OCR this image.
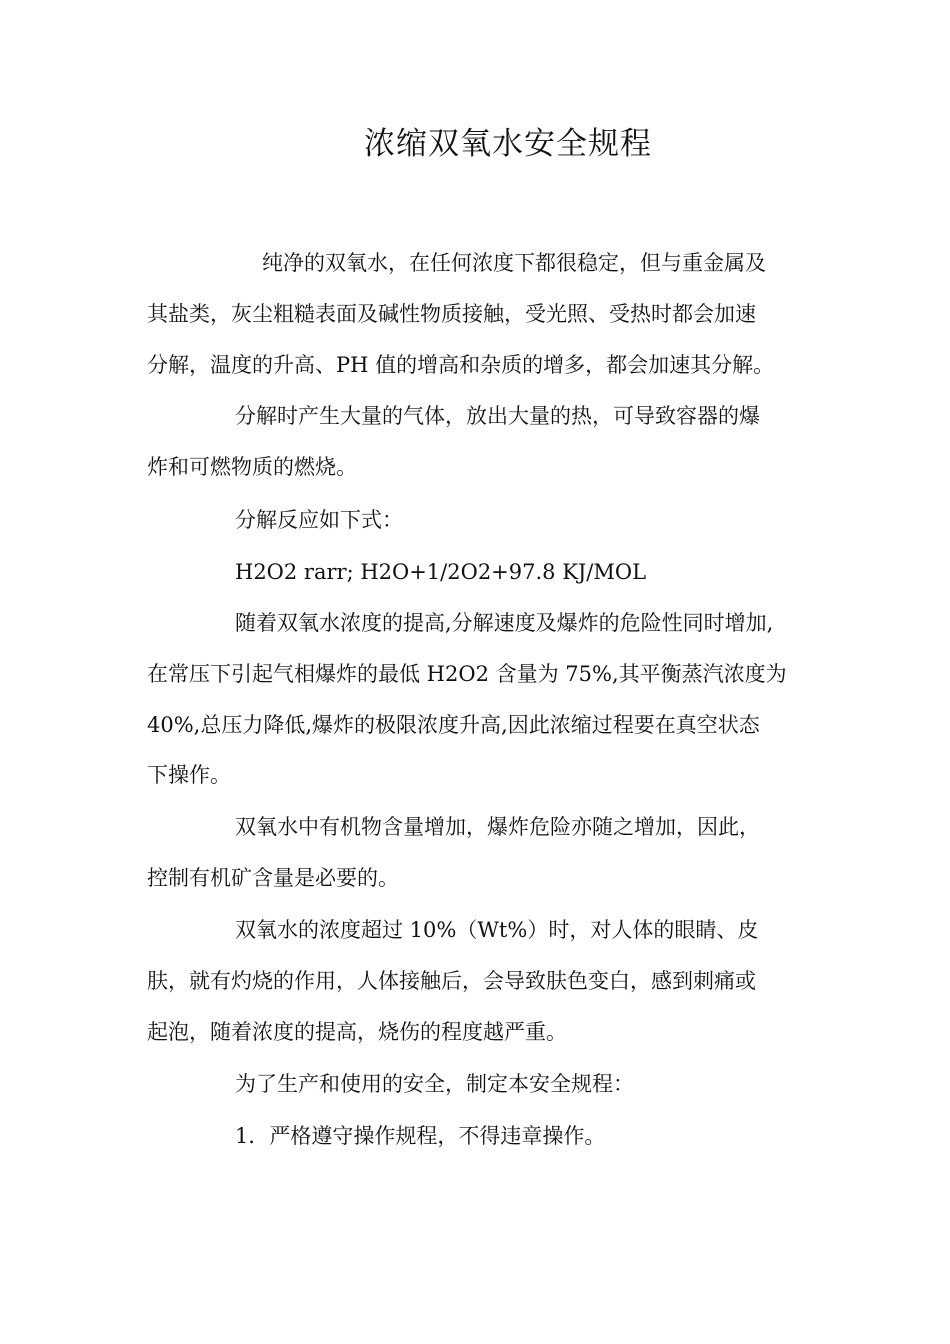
浓缩双氧水安全规程

纯净的双氧水，在任何浓度下都很稳定，但与重金属及

其盐类，灰尘粗糙表面及碱性物质接触，受光照、受热时都会加速

分解，温度的升高、PH 值的增高和杂质的增多，都会加速其分解。

分解时产生大量的气体，放出大量的热，可导致容器的爆

炸和可燃物质的燃烧。

分解反应如下式：

H2O2 rarr; H2O+1/2O2+97.8 KJ/MOL

随着双氧水浓度的提高,分解速度及爆炸的危险性同时增加,

在常压下引起气相爆炸的最低 H2O2 含量为 75%,其平衡蒸汽浓度为

40%,总压力降低,爆炸的极限浓度升高,因此浓缩过程要在真空状态

下操作。

双氧水中有机物含量增加，爆炸危险亦随之增加，因此，

控制有机矿含量是必要的。

双氧水的浓度超过 10%（Wt%）时，对人体的眼睛、皮

肤，就有灼烧的作用，人体接触后，会导致肤色变白，感到刺痛或

起泡，随着浓度的提高，烧伤的程度越严重。

为了生产和使用的安全，制定本安全规程：

1．严格遵守操作规程，不得违章操作。
